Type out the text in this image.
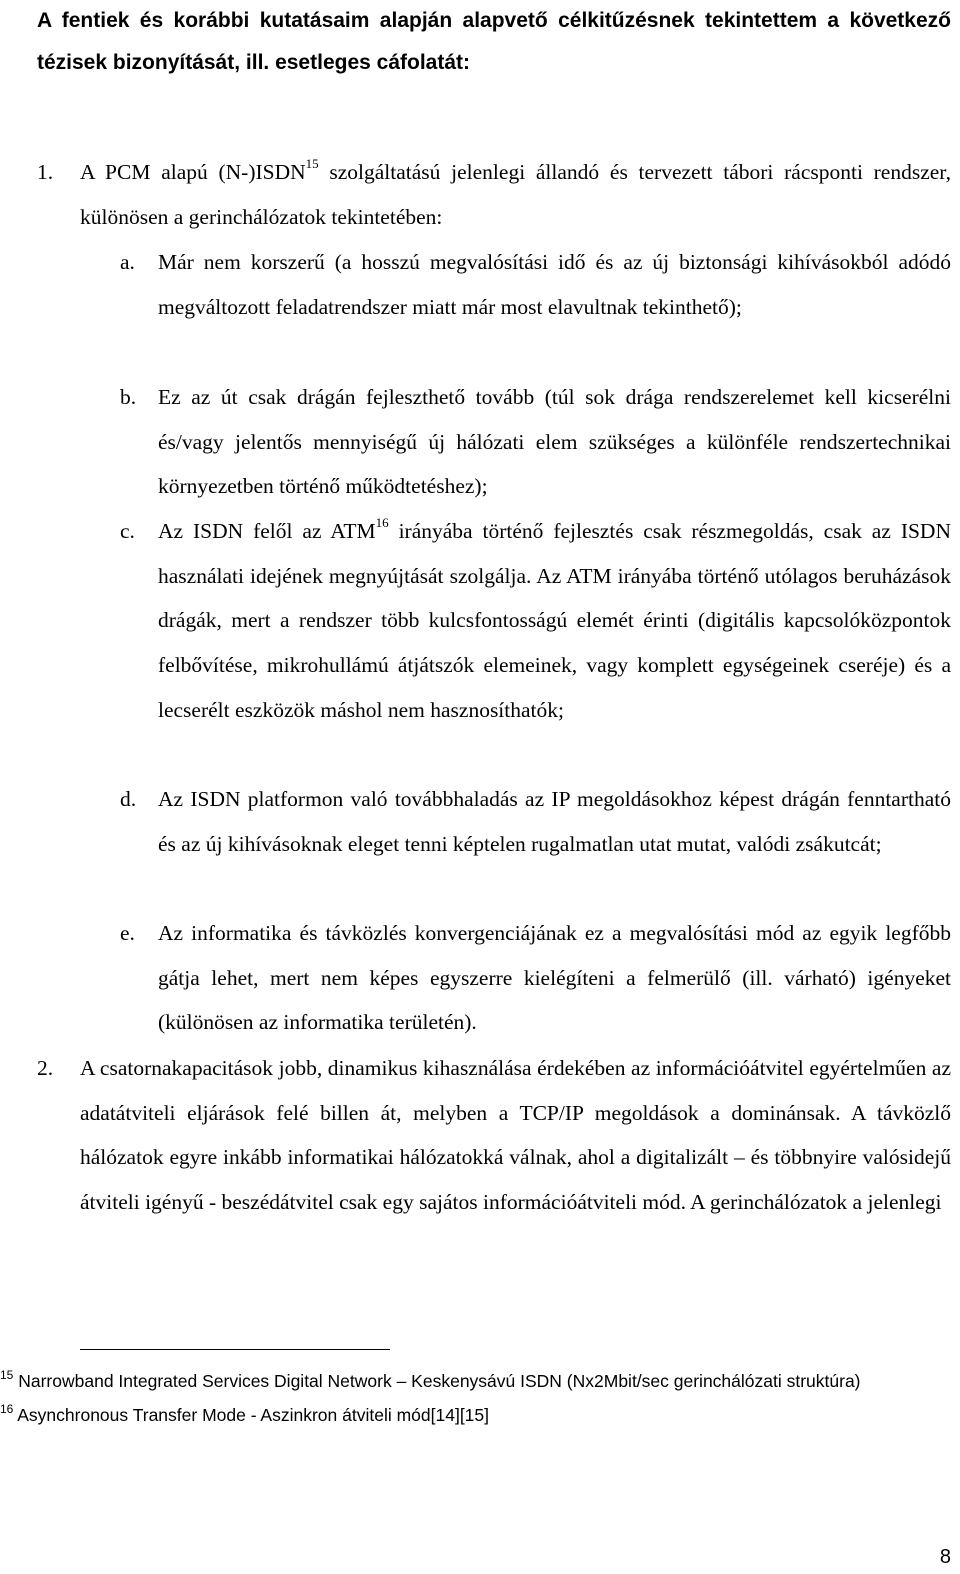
A fentiek és korábbi kutatásaim alapján alapvető célkitűzésnek tekintettem a következő tézisek bizonyítását, ill. esetleges cáfolatát:
1. A PCM alapú (N-)ISDN$^{15}$ szolgáltatású jelenlegi állandó és tervezett tábori rácsponti rendszer, különösen a gerinchálózatok tekintetében:
a. Már nem korszerű (a hosszú megvalósítási idő és az új biztonsági kihívásokból adódó megváltozott feladatrendszer miatt már most elavultnak tekinthető);
b. Ez az út csak drágán fejleszthető tovább (túl sok drága rendszerelemet kell kicserélni és/vagy jelentős mennyiségű új hálózati elem szükséges a különféle rendszertechnikai környezetben történő működtetéshez);
c. Az ISDN felől az ATM$^{16}$ irányába történő fejlesztés csak részmegoldás, csak az ISDN használati idejének megnyújtását szolgálja. Az ATM irányába történő utólagos beruházások drágák, mert a rendszer több kulcsfontosságú elemét érinti (digitális kapcsolóközpontok felbővítése, mikrohullámú átjátszók elemeinek, vagy komplett egységeinek cseréje) és a lecserélt eszközök máshol nem hasznosíthatók;
d. Az ISDN platformon való továbbhaladás az IP megoldásokhoz képest drágán fenntartható és az új kihívásoknak eleget tenni képtelen rugalmatlan utat mutat, valódi zsákutcát;
e. Az informatika és távközlés konvergenciájának ez a megvalósítási mód az egyik legfőbb gátja lehet, mert nem képes egyszerre kielégíteni a felmerülő (ill. várható) igényeket (különösen az informatika területén).
2. A csatornakapacitások jobb, dinamikus kihasználása érdekében az információátvitel egyértelműen az adatátviteli eljárások felé billen át, melyben a TCP/IP megoldások a dominánsak. A távközlő hálózatok egyre inkább informatikai hálózatokká válnak, ahol a digitalizált – és többnyire valósidejű átviteli igényű - beszédátvitel csak egy sajátos információátviteli mód. A gerinchálózatok a jelenlegi
$^{15}$ Narrowband Integrated Services Digital Network – Keskenysávú ISDN (Nx2Mbit/sec gerinchálózati struktúra)
$^{16}$ Asynchronous Transfer Mode - Aszinkron átviteli mód[14][15]
8
